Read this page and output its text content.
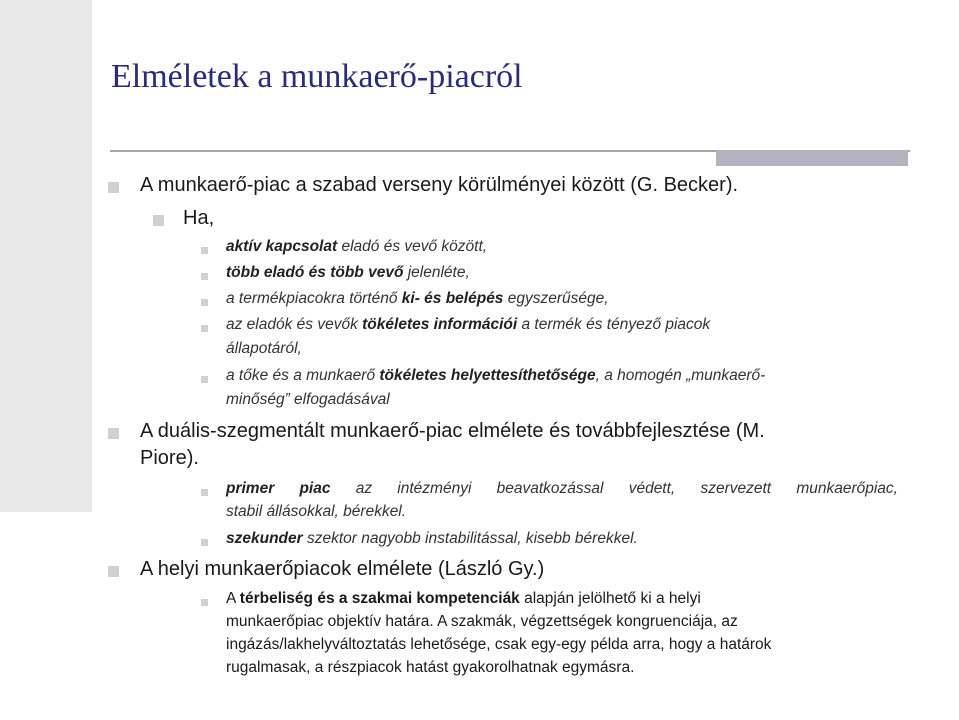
Elméletek a munkaerő-piacról

A munkaerő-piac a szabad verseny körülményei között (G. Becker).

Ha,

aktív kapcsolat eladó és vevő között,

több eladó és több vevő jelenléte,

a termékpiacokra történő ki- és belépés egyszerűsége,

az eladók és vevők tökéletes információi a termék és tényező piacok

állapotáról,

a tőke és a munkaerő tökéletes helyettesíthetősége, a homogén „munkaerő-

minőség” elfogadásával

A duális-szegmentált munkaerő-piac elmélete és továbbfejlesztése (M.

Piore).

primer piac az intézményi beavatkozással védett, szervezett munkaerőpiac,

stabil állásokkal, bérekkel.

szekunder szektor nagyobb instabilitással, kisebb bérekkel.

A helyi munkaerőpiacok elmélete (László Gy.)

A térbeliség és a szakmai kompetenciák alapján jelölhető ki a helyi

munkaerőpiac objektív határa. A szakmák, végzettségek kongruenciája, az

ingázás/lakhelyváltoztatás lehetősége, csak egy-egy példa arra, hogy a határok

rugalmasak, a részpiacok hatást gyakorolhatnak egymásra.
